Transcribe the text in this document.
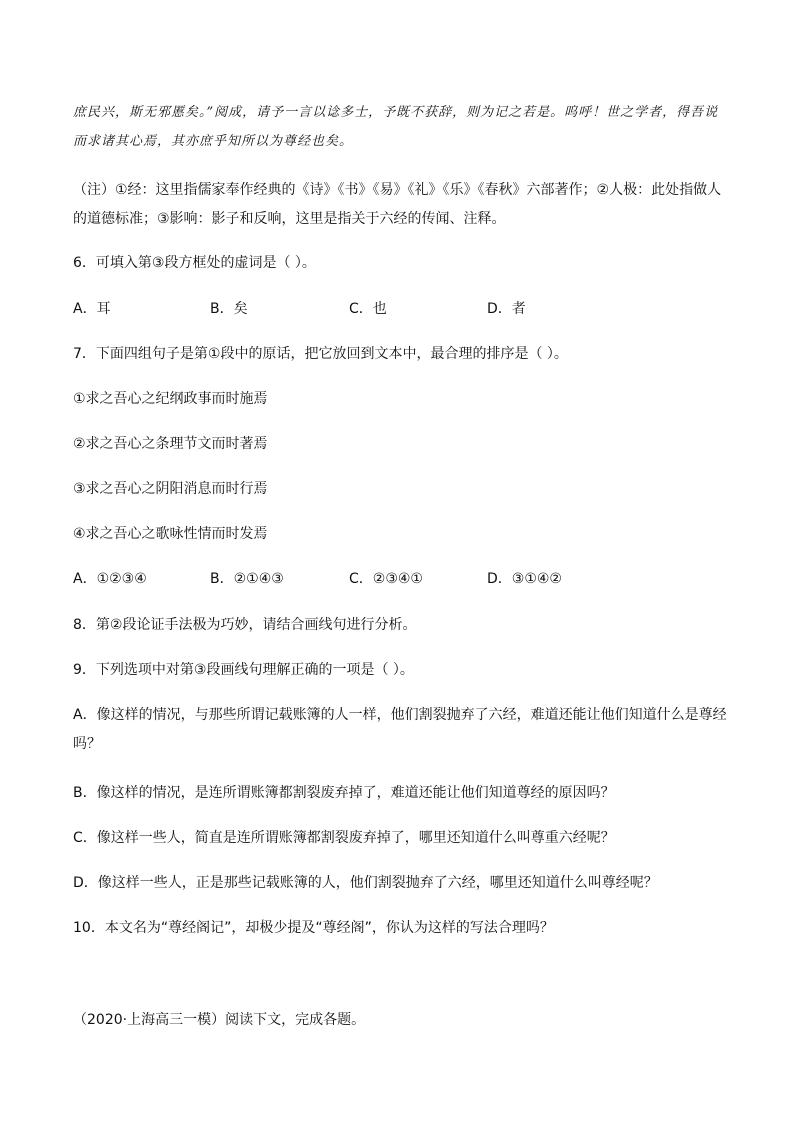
庶民兴，斯无邪慝矣。”阅成，请予一言以谂多士，予既不获辞，则为记之若是。呜呼！世之学者，得吾说
而求诸其心焉，其亦庶乎知所以为尊经也矣。
（注）①经：这里指儒家奉作经典的《诗》《书》《易》《礼》《乐》《春秋》六部著作；②人极：此处指做人
的道德标准；③影响：影子和反响，这里是指关于六经的传闻、注释。
6．可填入第③段方框处的虚词是（ ）。
A．耳	B．矣	C．也	D．者
7．下面四组句子是第①段中的原话，把它放回到文本中，最合理的排序是（ ）。
①求之吾心之纪纲政事而时施焉
②求之吾心之条理节文而时著焉
③求之吾心之阴阳消息而时行焉
④求之吾心之歌咏性情而时发焉
A．①②③④	B．②①④③	C．②③④①	D．③①④②
8．第②段论证手法极为巧妙，请结合画线句进行分析。
9．下列选项中对第③段画线句理解正确的一项是（ ）。
A．像这样的情况，与那些所谓记载账簿的人一样，他们割裂抛弃了六经，难道还能让他们知道什么是尊经
吗？
B．像这样的情况，是连所谓账簿都割裂废弃掉了，难道还能让他们知道尊经的原因吗？
C．像这样一些人，简直是连所谓账簿都割裂废弃掉了，哪里还知道什么叫尊重六经呢？
D．像这样一些人，正是那些记载账簿的人，他们割裂抛弃了六经，哪里还知道什么叫尊经呢？
10．本文名为“尊经阁记”，却极少提及“尊经阁”，你认为这样的写法合理吗？
（2020·上海高三一模）阅读下文，完成各题。
